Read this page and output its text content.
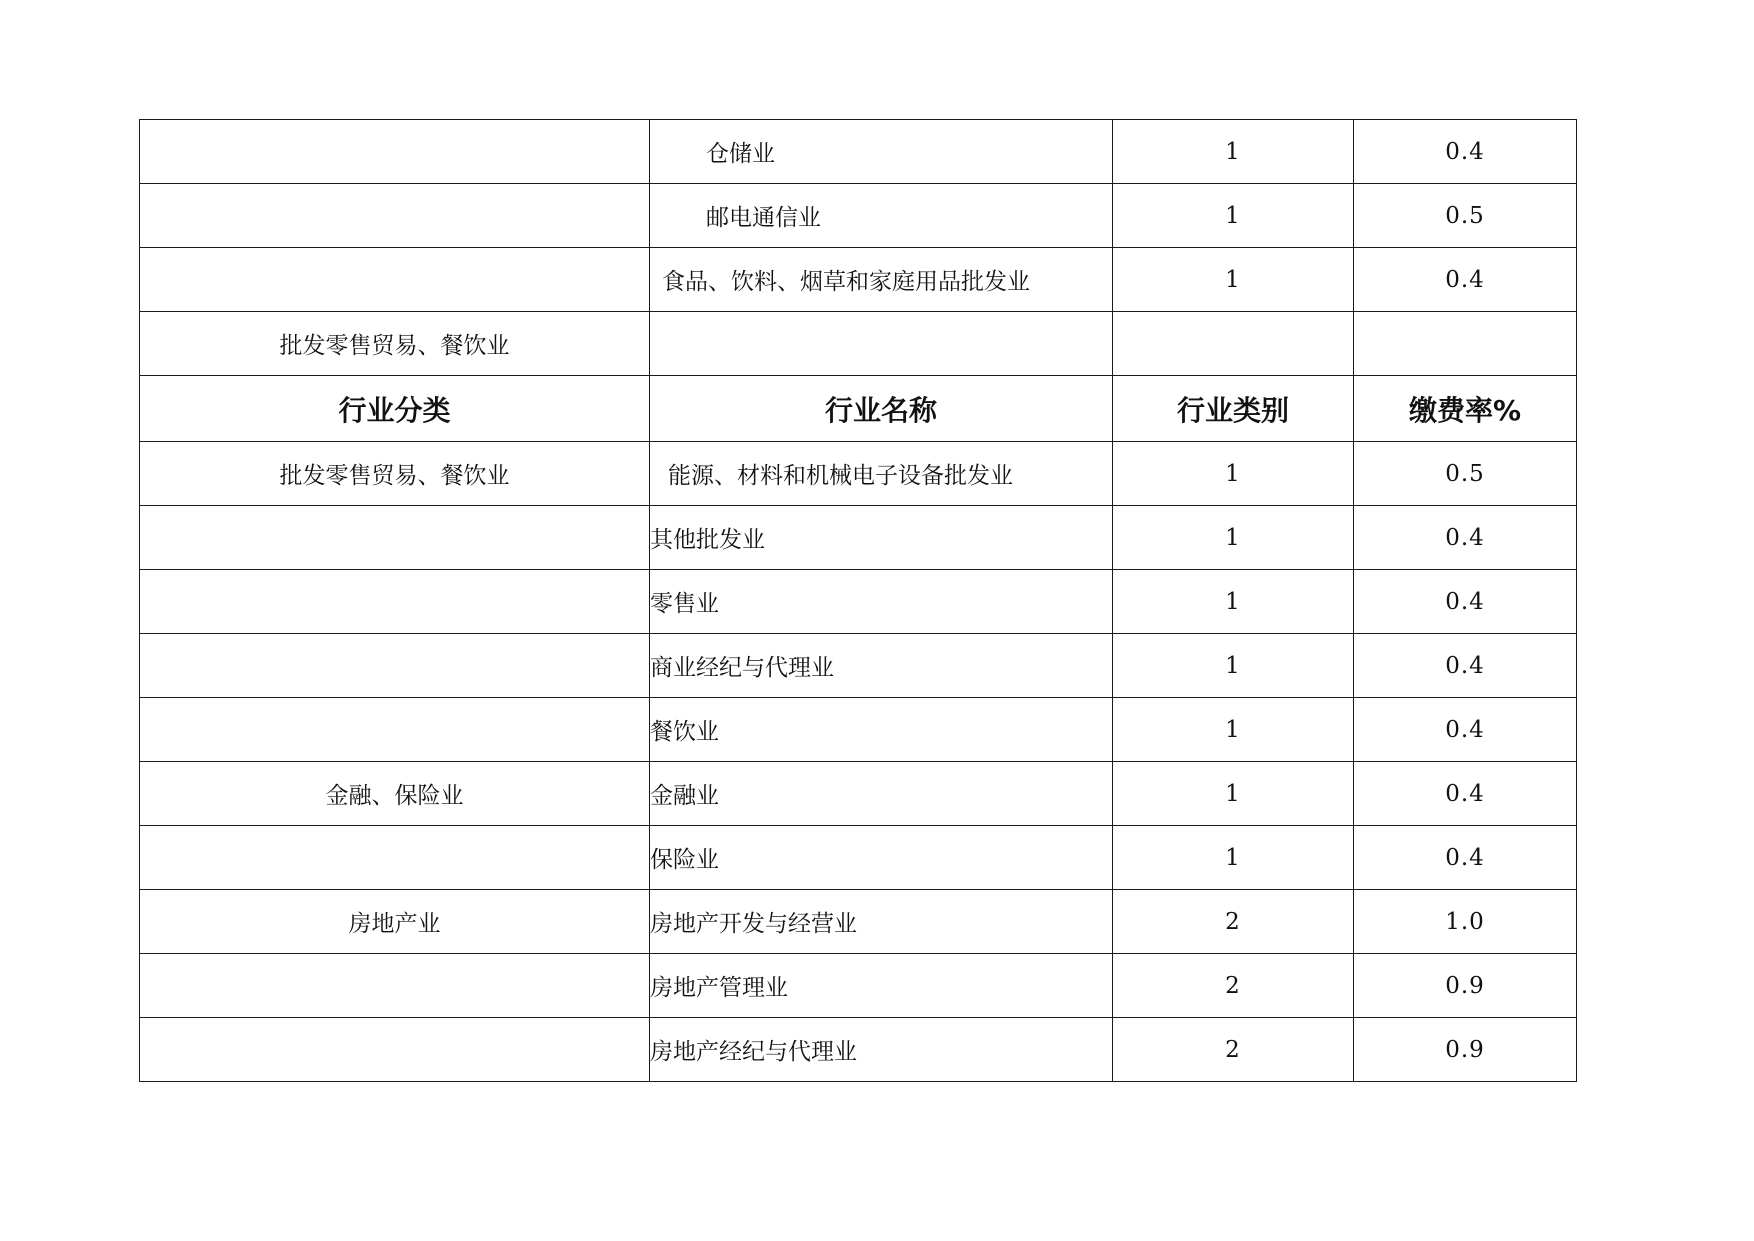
	仓储业	1	0.4
	邮电通信业	1	0.5
	食品、饮料、烟草和家庭用品批发业	1	0.4
批发零售贸易、餐饮业			
行业分类	行业名称	行业类别	缴费率%
批发零售贸易、餐饮业	能源、材料和机械电子设备批发业	1	0.5
	其他批发业	1	0.4
	零售业	1	0.4
	商业经纪与代理业	1	0.4
	餐饮业	1	0.4
金融、保险业	金融业	1	0.4
	保险业	1	0.4
房地产业	房地产开发与经营业	2	1.0
	房地产管理业	2	0.9
	房地产经纪与代理业	2	0.9
